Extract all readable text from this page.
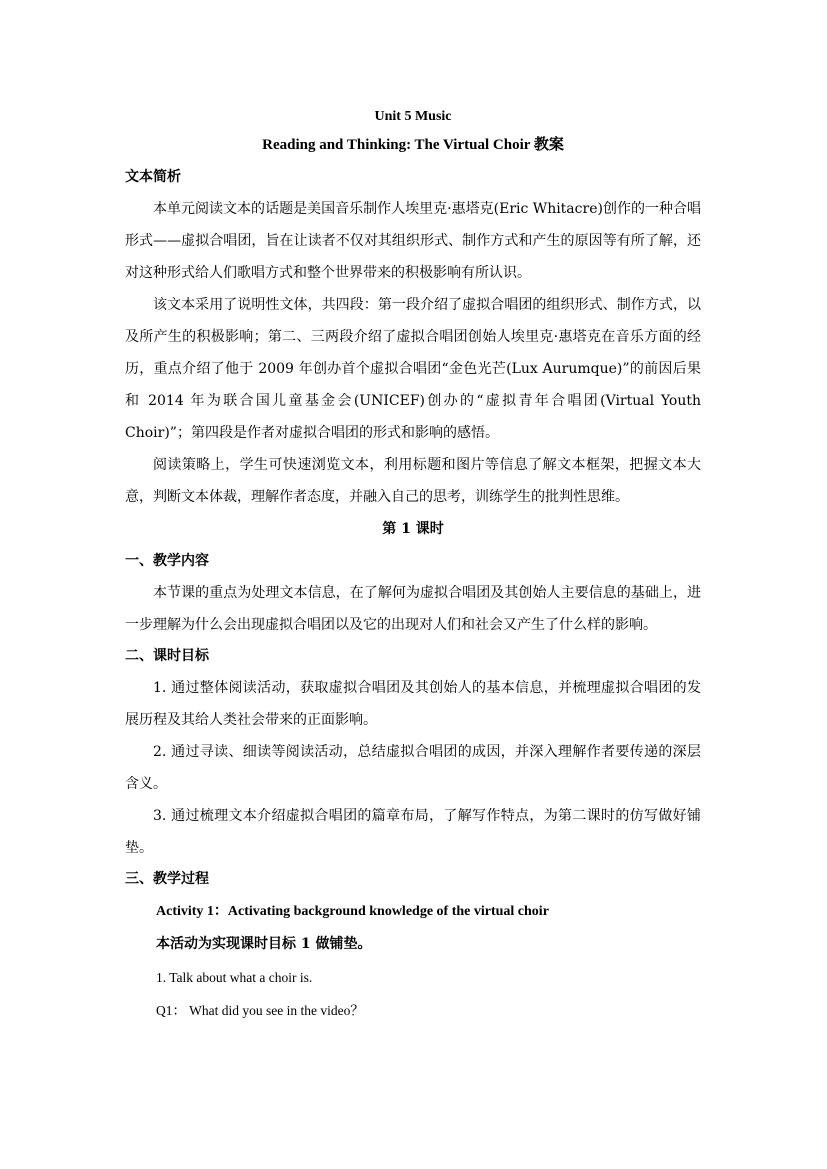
Unit 5 Music

Reading and Thinking: The Virtual Choir 教案

文本简析

本单元阅读文本的话题是美国音乐制作人埃里克·惠塔克(Eric Whitacre)创作的一种合唱形式——虚拟合唱团，旨在让读者不仅对其组织形式、制作方式和产生的原因等有所了解，还对这种形式给人们歌唱方式和整个世界带来的积极影响有所认识。

该文本采用了说明性文体，共四段：第一段介绍了虚拟合唱团的组织形式、制作方式，以及所产生的积极影响；第二、三两段介绍了虚拟合唱团创始人埃里克·惠塔克在音乐方面的经历，重点介绍了他于 2009 年创办首个虚拟合唱团“金色光芒(Lux Aurumque)”的前因后果和 2014 年为联合国儿童基金会(UNICEF)创办的“虚拟青年合唱团(Virtual Youth Choir)”；第四段是作者对虚拟合唱团的形式和影响的感悟。

阅读策略上，学生可快速浏览文本，利用标题和图片等信息了解文本框架，把握文本大意，判断文本体裁，理解作者态度，并融入自己的思考，训练学生的批判性思维。

第 1 课时

一、教学内容

本节课的重点为处理文本信息，在了解何为虚拟合唱团及其创始人主要信息的基础上，进一步理解为什么会出现虚拟合唱团以及它的出现对人们和社会又产生了什么样的影响。

二、课时目标

1. 通过整体阅读活动，获取虚拟合唱团及其创始人的基本信息，并梳理虚拟合唱团的发展历程及其给人类社会带来的正面影响。

2. 通过寻读、细读等阅读活动，总结虚拟合唱团的成因，并深入理解作者要传递的深层含义。

3. 通过梳理文本介绍虚拟合唱团的篇章布局，了解写作特点，为第二课时的仿写做好铺垫。

三、教学过程

Activity 1：Activating background knowledge of the virtual choir

本活动为实现课时目标 1 做铺垫。

1. Talk about what a choir is.

Q1： What did you see in the video？
